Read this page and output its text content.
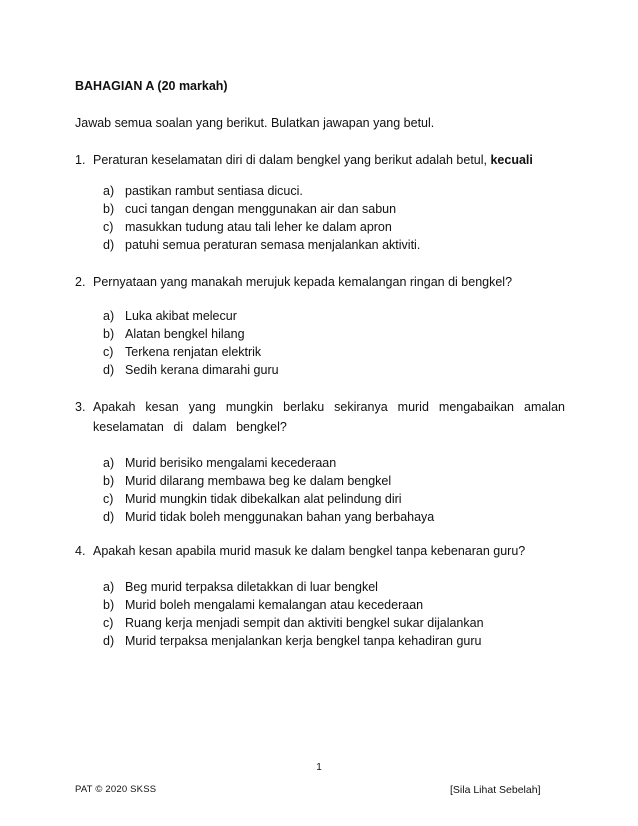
BAHAGIAN A (20 markah)
Jawab semua soalan yang berikut. Bulatkan jawapan yang betul.
1. Peraturan keselamatan diri di dalam bengkel yang berikut adalah betul, kecuali
a) pastikan rambut sentiasa dicuci.
b) cuci tangan dengan menggunakan air dan sabun
c) masukkan tudung atau tali leher ke dalam apron
d) patuhi semua peraturan semasa menjalankan aktiviti.
2. Pernyataan yang manakah merujuk kepada kemalangan ringan di bengkel?
a) Luka akibat melecur
b) Alatan bengkel hilang
c) Terkena renjatan elektrik
d) Sedih kerana dimarahi guru
3. Apakah kesan yang mungkin berlaku sekiranya murid mengabaikan amalan keselamatan di dalam bengkel?
a) Murid berisiko mengalami kecederaan
b) Murid dilarang membawa beg ke dalam bengkel
c) Murid mungkin tidak dibekalkan alat pelindung diri
d) Murid tidak boleh menggunakan bahan yang berbahaya
4. Apakah kesan apabila murid masuk ke dalam bengkel tanpa kebenaran guru?
a) Beg murid terpaksa diletakkan di luar bengkel
b) Murid boleh mengalami kemalangan atau kecederaan
c) Ruang kerja menjadi sempit dan aktiviti bengkel sukar dijalankan
d) Murid terpaksa menjalankan kerja bengkel tanpa kehadiran guru
1
PAT © 2020 SKSS	[Sila Lihat Sebelah]
